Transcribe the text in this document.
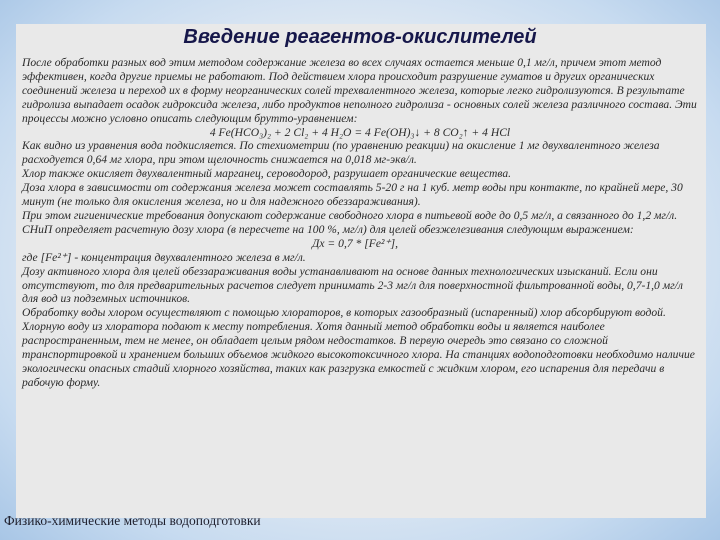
Введение реагентов-окислителей

После обработки разных вод этим методом содержание железа во всех случаях остается меньше 0,1 мг/л, причем этот метод эффективен, когда другие приемы не работают. Под действием хлора происходит разрушение гуматов и других органических соединений железа и переход их в форму неорганических солей трехвалентного железа, которые легко гидролизуются. В результате гидролиза выпадает осадок гидроксида железа, либо продуктов неполного гидролиза - основных солей железа различного состава. Эти процессы можно условно описать следующим брутто-уравнением:

4 Fe(HCO₃)₂ + 2 Cl₂ + 4 H₂O = 4 Fe(OH)₃↓ + 8 CO₂↑ + 4 HCl

Как видно из уравнения вода подкисляется. По стехиометрии (по уравнению реакции) на окисление 1 мг двухвалентного железа расходуется 0,64 мг хлора, при этом щелочность снижается на 0,018 мг-экв/л.

Хлор также окисляет двухвалентный марганец, сероводород, разрушает органические вещества.

Доза хлора в зависимости от содержания железа может составлять 5-20 г на 1 куб. метр воды при контакте, по крайней мере, 30 минут (не только для окисления железа, но и для надежного обеззараживания).

При этом гигиенические требования допускают содержание свободного хлора в питьевой воде до 0,5 мг/л, а связанного до 1,2 мг/л.

СНиП определяет расчетную дозу хлора (в пересчете на 100 %, мг/л) для целей обезжелезивания следующим выражением:

Дх = 0,7 * [Fe²⁺],

где [Fe²⁺] - концентрация двухвалентного железа в мг/л.

Дозу активного хлора для целей обеззараживания воды устанавливают на основе данных технологических изысканий. Если они отсутствуют, то для предварительных расчетов следует принимать 2-3 мг/л для поверхностной фильтрованной воды, 0,7-1,0 мг/л для вод из подземных источников.

Обработку воды хлором осуществляют с помощью хлораторов, в которых газообразный (испаренный) хлор абсорбируют водой. Хлорную воду из хлоратора подают к месту потребления. Хотя данный метод обработки воды и является наиболее распространенным, тем не менее, он обладает целым рядом недостатков. В первую очередь это связано со сложной транспортировкой и хранением больших объемов жидкого высокотоксичного хлора. На станциях водоподготовки необходимо наличие экологически опасных стадий хлорного хозяйства, таких как разгрузка емкостей с жидким хлором, его испарения для передачи в рабочую форму.

Физико-химические методы водоподготовки
